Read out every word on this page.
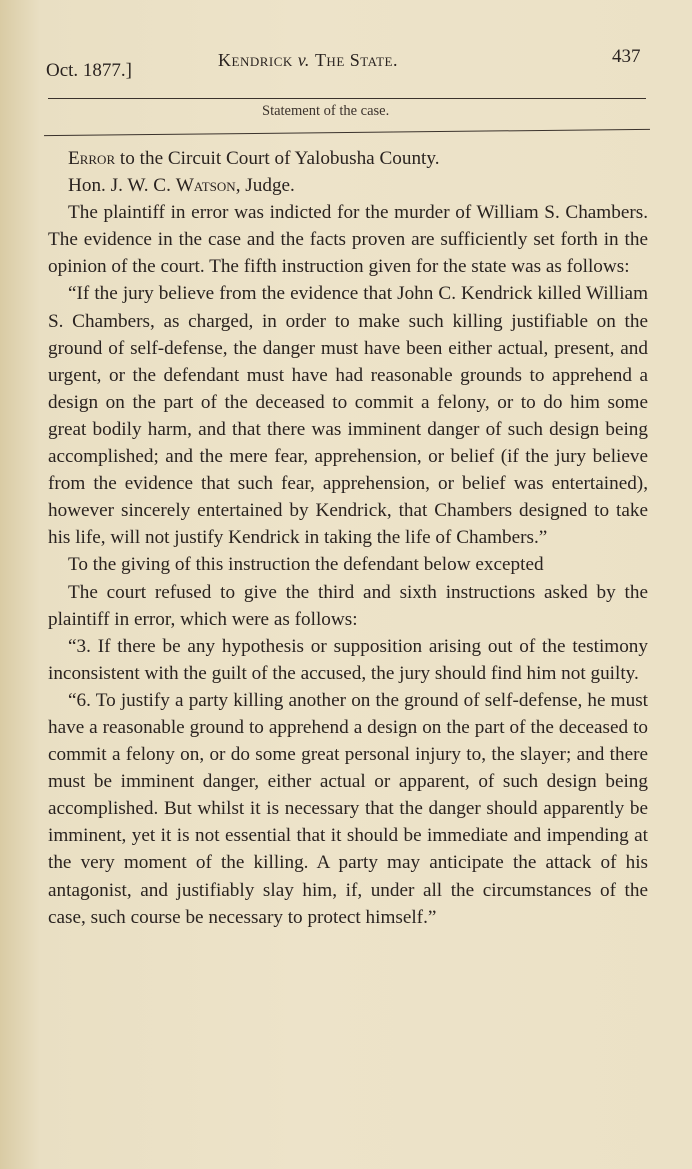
Oct. 1877.]	Kendrick v. The State.	437
Statement of the case.

Error to the Circuit Court of Yalobusha County.

Hon. J. W. C. Watson, Judge.

The plaintiff in error was indicted for the murder of William S. Chambers. The evidence in the case and the facts proven are sufficiently set forth in the opinion of the court. The fifth instruction given for the state was as follows:

“If the jury believe from the evidence that John C. Kendrick killed William S. Chambers, as charged, in order to make such killing justifiable on the ground of self-defense, the danger must have been either actual, present, and urgent, or the defendant must have had reasonable grounds to apprehend a design on the part of the deceased to commit a felony, or to do him some great bodily harm, and that there was imminent danger of such design being accomplished; and the mere fear, apprehension, or belief (if the jury believe from the evidence that such fear, apprehension, or belief was entertained), however sincerely entertained by Kendrick, that Chambers designed to take his life, will not justify Kendrick in taking the life of Chambers.”

To the giving of this instruction the defendant below excepted

The court refused to give the third and sixth instructions asked by the plaintiff in error, which were as follows:

“3. If there be any hypothesis or supposition arising out of the testimony inconsistent with the guilt of the accused, the jury should find him not guilty.

“6. To justify a party killing another on the ground of self-defense, he must have a reasonable ground to apprehend a design on the part of the deceased to commit a felony on, or do some great personal injury to, the slayer; and there must be imminent danger, either actual or apparent, of such design being accomplished. But whilst it is necessary that the danger should apparently be imminent, yet it is not essential that it should be immediate and impending at the very moment of the killing. A party may anticipate the attack of his antagonist, and justifiably slay him, if, under all the circumstances of the case, such course be necessary to protect himself.”
